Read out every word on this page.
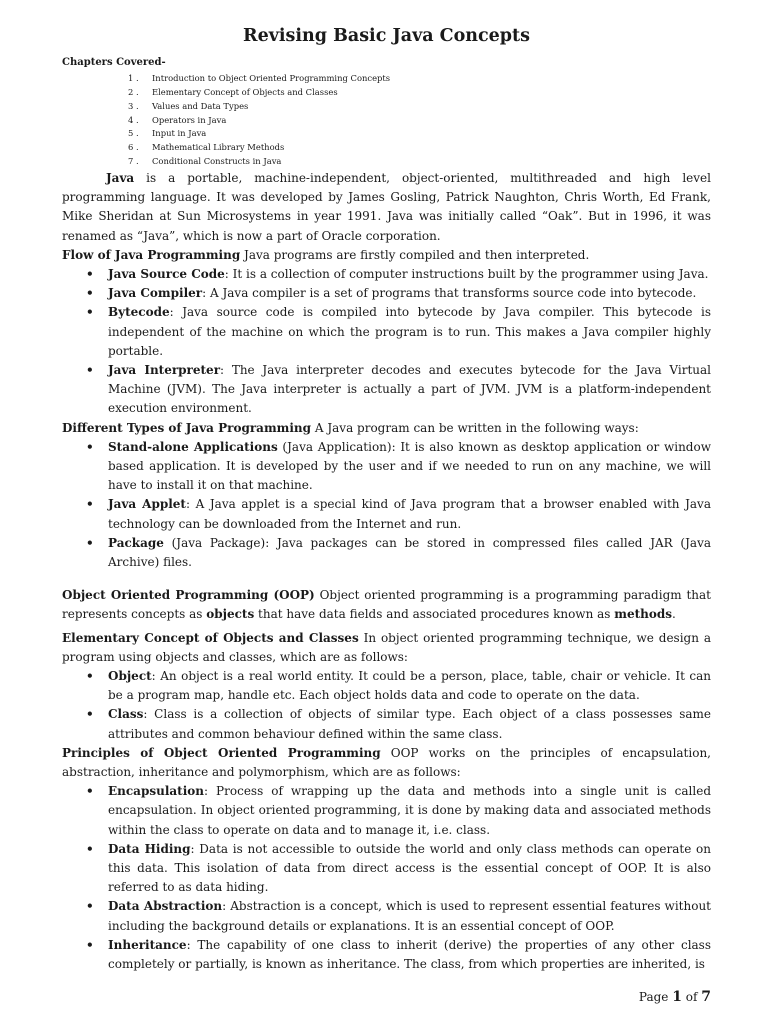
Revising Basic Java Concepts
Chapters Covered-
1 . Introduction to Object Oriented Programming Concepts
2 . Elementary Concept of Objects and Classes
3 . Values and Data Types
4 . Operators in Java
5 . Input in Java
6 . Mathematical Library Methods
7 . Conditional Constructs in Java

Java is a portable, machine-independent, object-oriented, multithreaded and high level programming language. It was developed by James Gosling, Patrick Naughton, Chris Worth, Ed Frank, Mike Sheridan at Sun Microsystems in year 1991. Java was initially called “Oak”. But in 1996, it was renamed as “Java”, which is now a part of Oracle corporation.

Flow of Java Programming Java programs are firstly compiled and then interpreted.

• Java Source Code: It is a collection of computer instructions built by the programmer using Java.
• Java Compiler: A Java compiler is a set of programs that transforms source code into bytecode.
• Bytecode: Java source code is compiled into bytecode by Java compiler. This bytecode is independent of the machine on which the program is to run. This makes a Java compiler highly portable.
• Java Interpreter: The Java interpreter decodes and executes bytecode for the Java Virtual Machine (JVM). The Java interpreter is actually a part of JVM. JVM is a platform-independent execution environment.

Different Types of Java Programming A Java program can be written in the following ways:

• Stand-alone Applications (Java Application): It is also known as desktop application or window based application. It is developed by the user and if we needed to run on any machine, we will have to install it on that machine.
• Java Applet: A Java applet is a special kind of Java program that a browser enabled with Java technology can be downloaded from the Internet and run.
• Package (Java Package): Java packages can be stored in compressed files called JAR (Java Archive) files.

Object Oriented Programming (OOP) Object oriented programming is a programming paradigm that represents concepts as objects that have data fields and associated procedures known as methods.

Elementary Concept of Objects and Classes In object oriented programming technique, we design a program using objects and classes, which are as follows:

• Object: An object is a real world entity. It could be a person, place, table, chair or vehicle. It can be a program map, handle etc. Each object holds data and code to operate on the data.
• Class: Class is a collection of objects of similar type. Each object of a class possesses same attributes and common behaviour defined within the same class.

Principles of Object Oriented Programming OOP works on the principles of encapsulation, abstraction, inheritance and polymorphism, which are as follows:

• Encapsulation: Process of wrapping up the data and methods into a single unit is called encapsulation. In object oriented programming, it is done by making data and associated methods within the class to operate on data and to manage it, i.e. class.
• Data Hiding: Data is not accessible to outside the world and only class methods can operate on this data. This isolation of data from direct access is the essential concept of OOP. It is also referred to as data hiding.
• Data Abstraction: Abstraction is a concept, which is used to represent essential features without including the background details or explanations. It is an essential concept of OOP.
• Inheritance: The capability of one class to inherit (derive) the properties of any other class completely or partially, is known as inheritance. The class, from which properties are inherited, is
Page 1 of 7
